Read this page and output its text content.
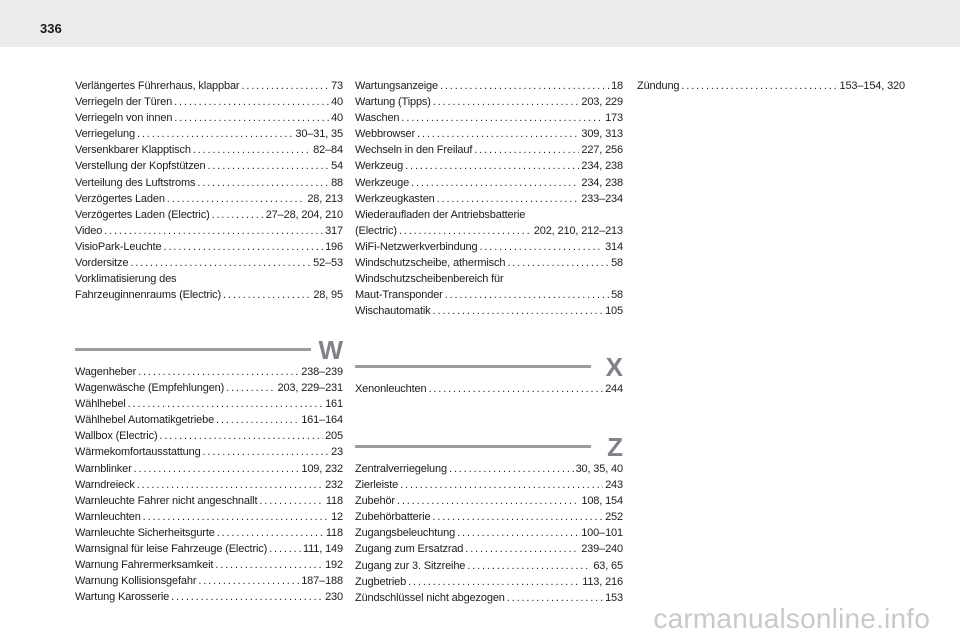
336
Verlängertes Führerhaus, klappbar . . .	73
Verriegeln der Türen . . .	40
Verriegeln von innen . . .	40
Verriegelung . . .	30–31, 35
Versenkbarer Klapptisch . . .	82–84
Verstellung der Kopfstützen . . .	54
Verteilung des Luftstroms . . .	88
Verzögertes Laden . . .	28, 213
Verzögertes Laden (Electric) . . .	27–28, 204, 210
Video . . .	317
VisioPark-Leuchte . . .	196
Vordersitze . . .	52–53
Vorklimatisierung des
Fahrzeuginnenraums (Electric) . . .	28, 95
W
Wagenheber . . .	238–239
Wagenwäsche (Empfehlungen) . . .	203, 229–231
Wählhebel . . .	161
Wählhebel Automatikgetriebe . . .	161–164
Wallbox (Electric) . . .	205
Wärmekomfortausstattung . . .	23
Warnblinker . . .	109, 232
Warndreieck . . .	232
Warnleuchte Fahrer nicht angeschnallt . . .	118
Warnleuchten . . .	12
Warnleuchte Sicherheitsgurte . . .	118
Warnsignal für leise Fahrzeuge (Electric) . . .	111, 149
Warnung Fahrermerksamkeit . . .	192
Warnung Kollisionsgefahr . . .	187–188
Wartung Karosserie . . .	230
Wartungsanzeige . . .	18
Wartung (Tipps) . . .	203, 229
Waschen . . .	173
Webbrowser . . .	309, 313
Wechseln in den Freilauf . . .	227, 256
Werkzeug . . .	234, 238
Werkzeuge . . .	234, 238
Werkzeugkasten . . .	233–234
Wiederaufladen der Antriebsbatterie
(Electric) . . .	202, 210, 212–213
WiFi-Netzwerkverbindung . . .	314
Windschutzscheibe, athermisch . . .	58
Windschutzscheibenbereich für
Maut-Transponder . . .	58
Wischautomatik . . .	105
X
Xenonleuchten . . .	244
Z
Zentralverriegelung . . .	30, 35, 40
Zierleiste . . .	243
Zubehör . . .	108, 154
Zubehörbatterie . . .	252
Zugangsbeleuchtung . . .	100–101
Zugang zum Ersatzrad . . .	239–240
Zugang zur 3. Sitzreihe . . .	63, 65
Zugbetrieb . . .	113, 216
Zündschlüssel nicht abgezogen . . .	153
Zündung . . .	153–154, 320
carmanualsonline.info
